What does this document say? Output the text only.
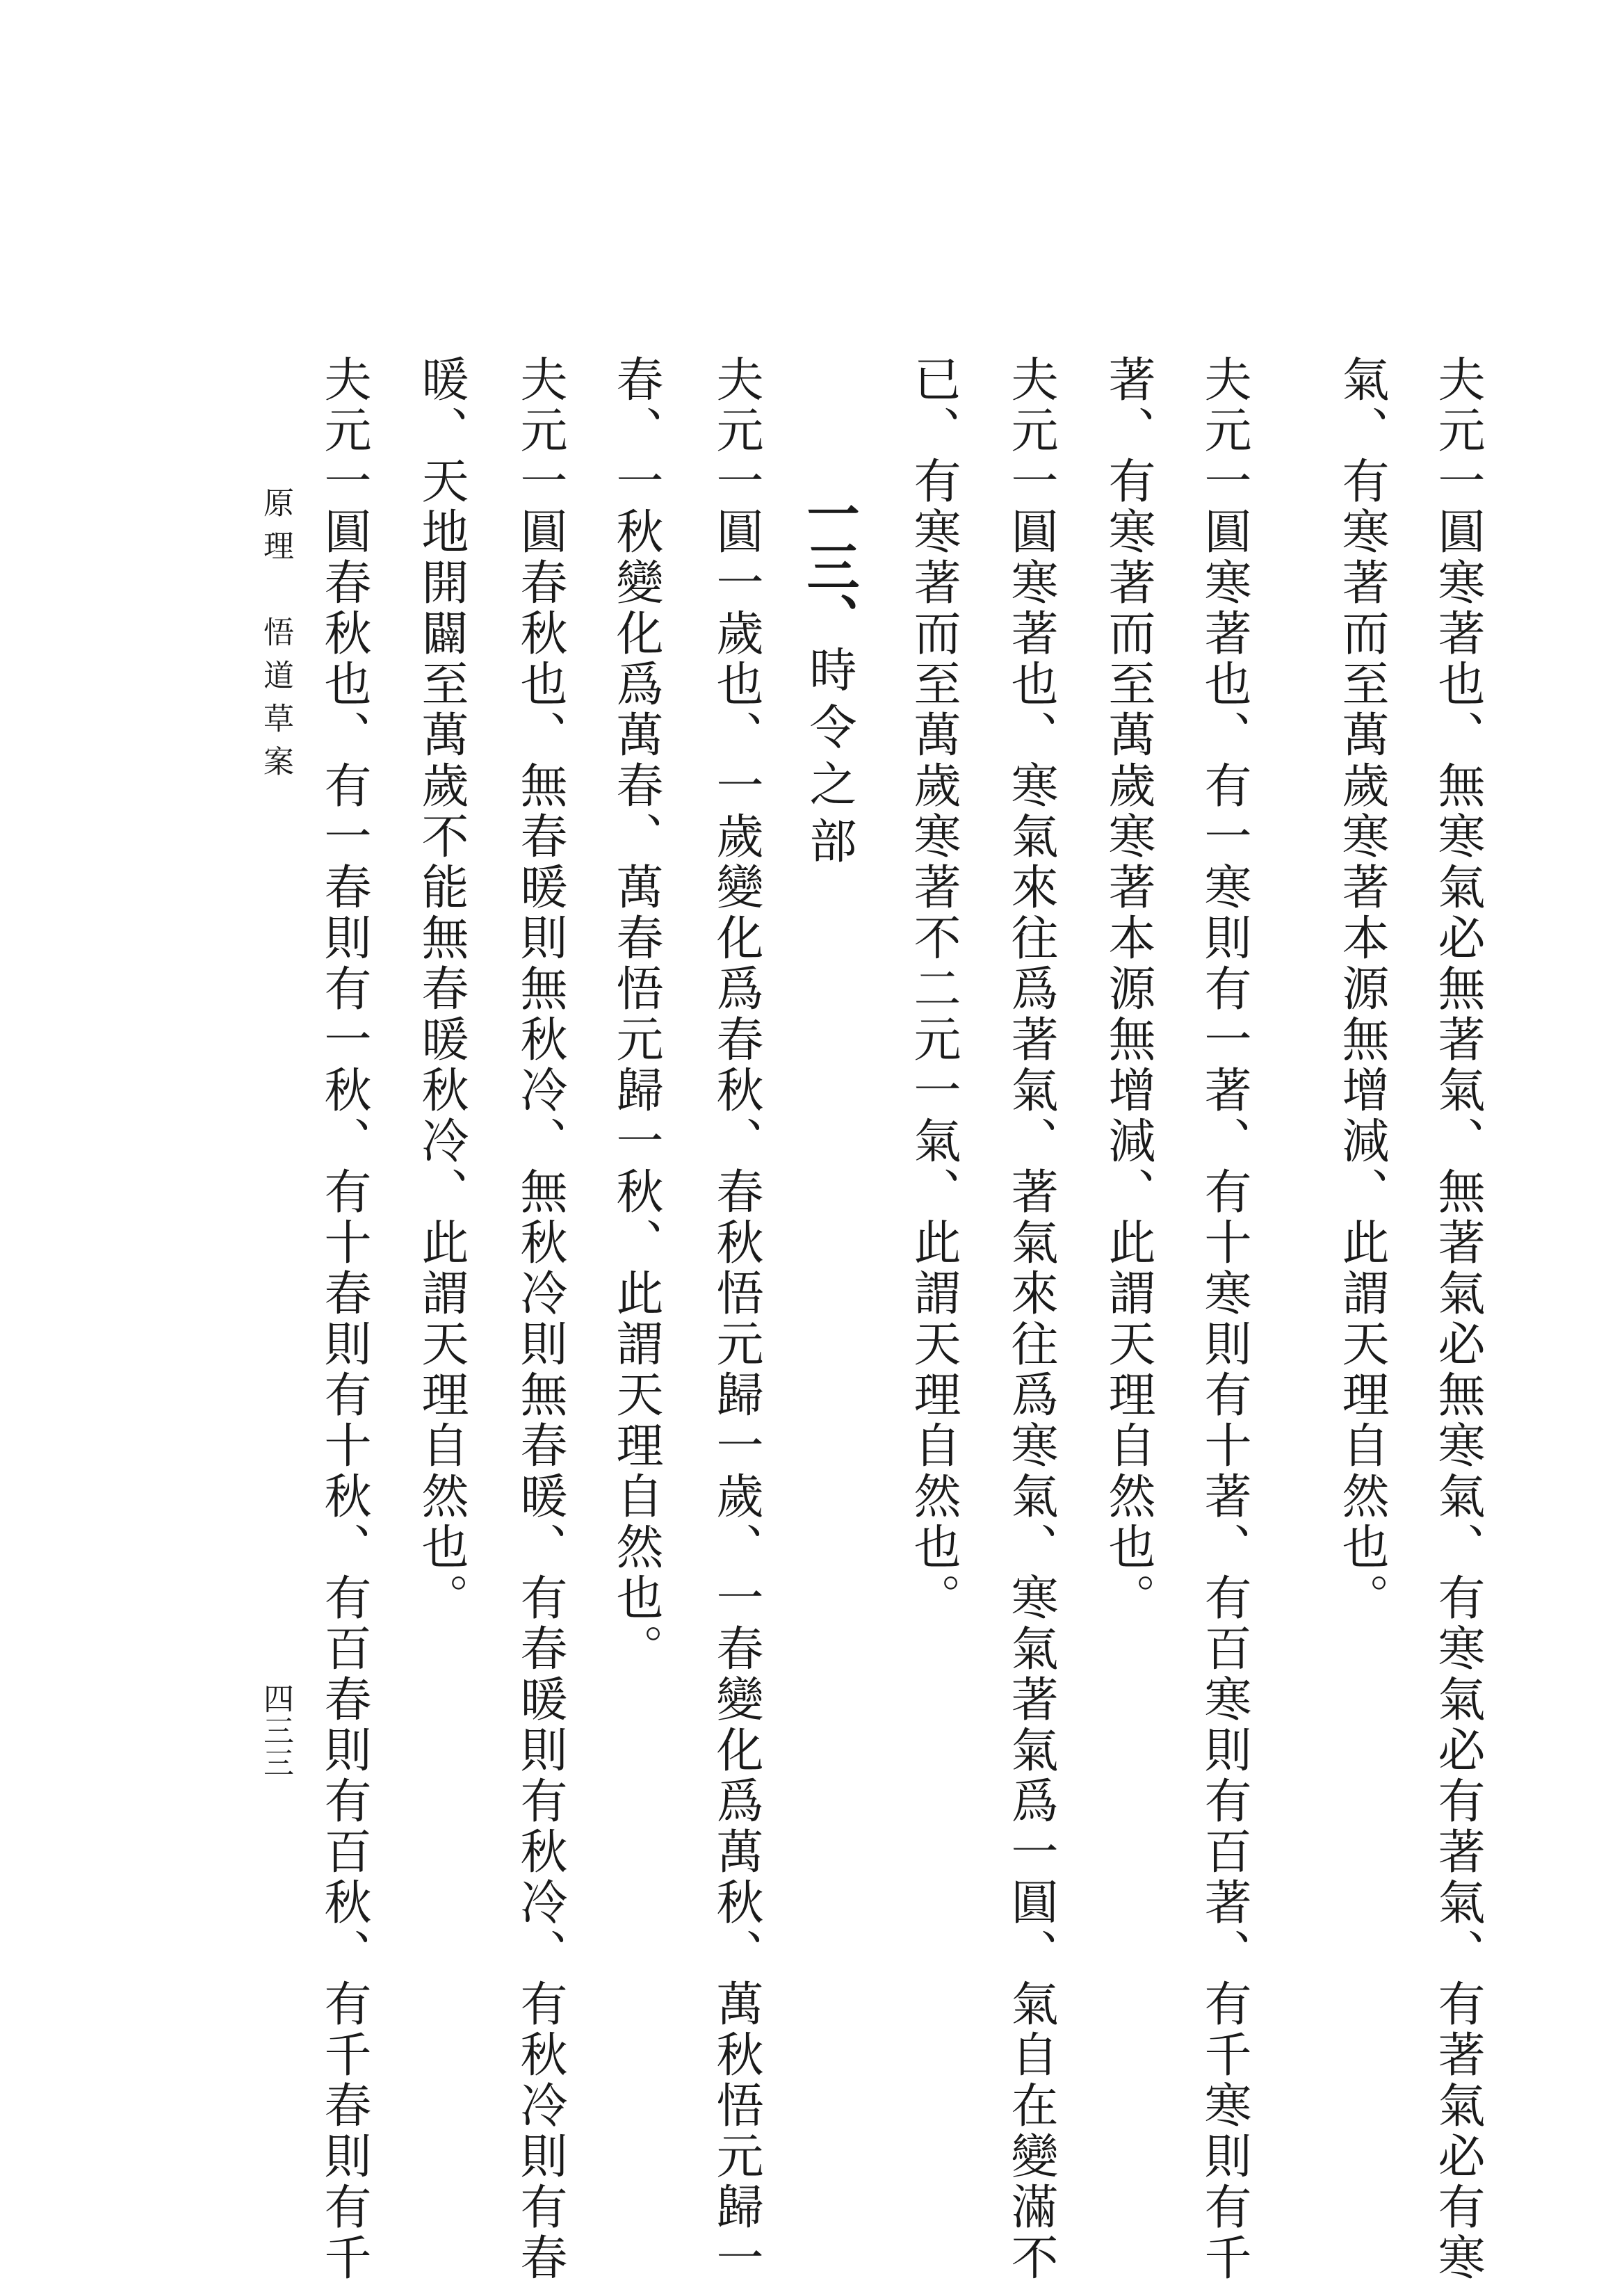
夫元一圓寒著也、無寒氣必無著氣、無著氣必無寒氣、有寒氣必有著氣、有著氣必有寒
氣、有寒著而至萬歲寒著本源無增減、此謂天理自然也。
夫元一圓寒著也、有一寒則有一著、有十寒則有十著、有百寒則有百著、有千寒則有千
著、有寒著而至萬歲寒著本源無增減、此謂天理自然也。
夫元一圓寒著也、寒氣來往爲著氣、著氣來往爲寒氣、寒氣著氣爲一圓、氣自在變滿不
已、有寒著而至萬歲寒著不二元一氣、此謂天理自然也。
一三、時令之部
夫元一圓一歲也、一歲變化爲春秋、春秋悟元歸一歲、一春變化爲萬秋、萬秋悟元歸一
春、一秋變化爲萬春、萬春悟元歸一秋、此謂天理自然也。
夫元一圓春秋也、無春暖則無秋冷、無秋冷則無春暖、有春暖則有秋冷、有秋冷則有春
暖、天地開闢至萬歲不能無春暖秋冷、此謂天理自然也。
夫元一圓春秋也、有一春則有一秋、有十春則有十秋、有百春則有百秋、有千春則有千
原理　悟道草案
四三三
